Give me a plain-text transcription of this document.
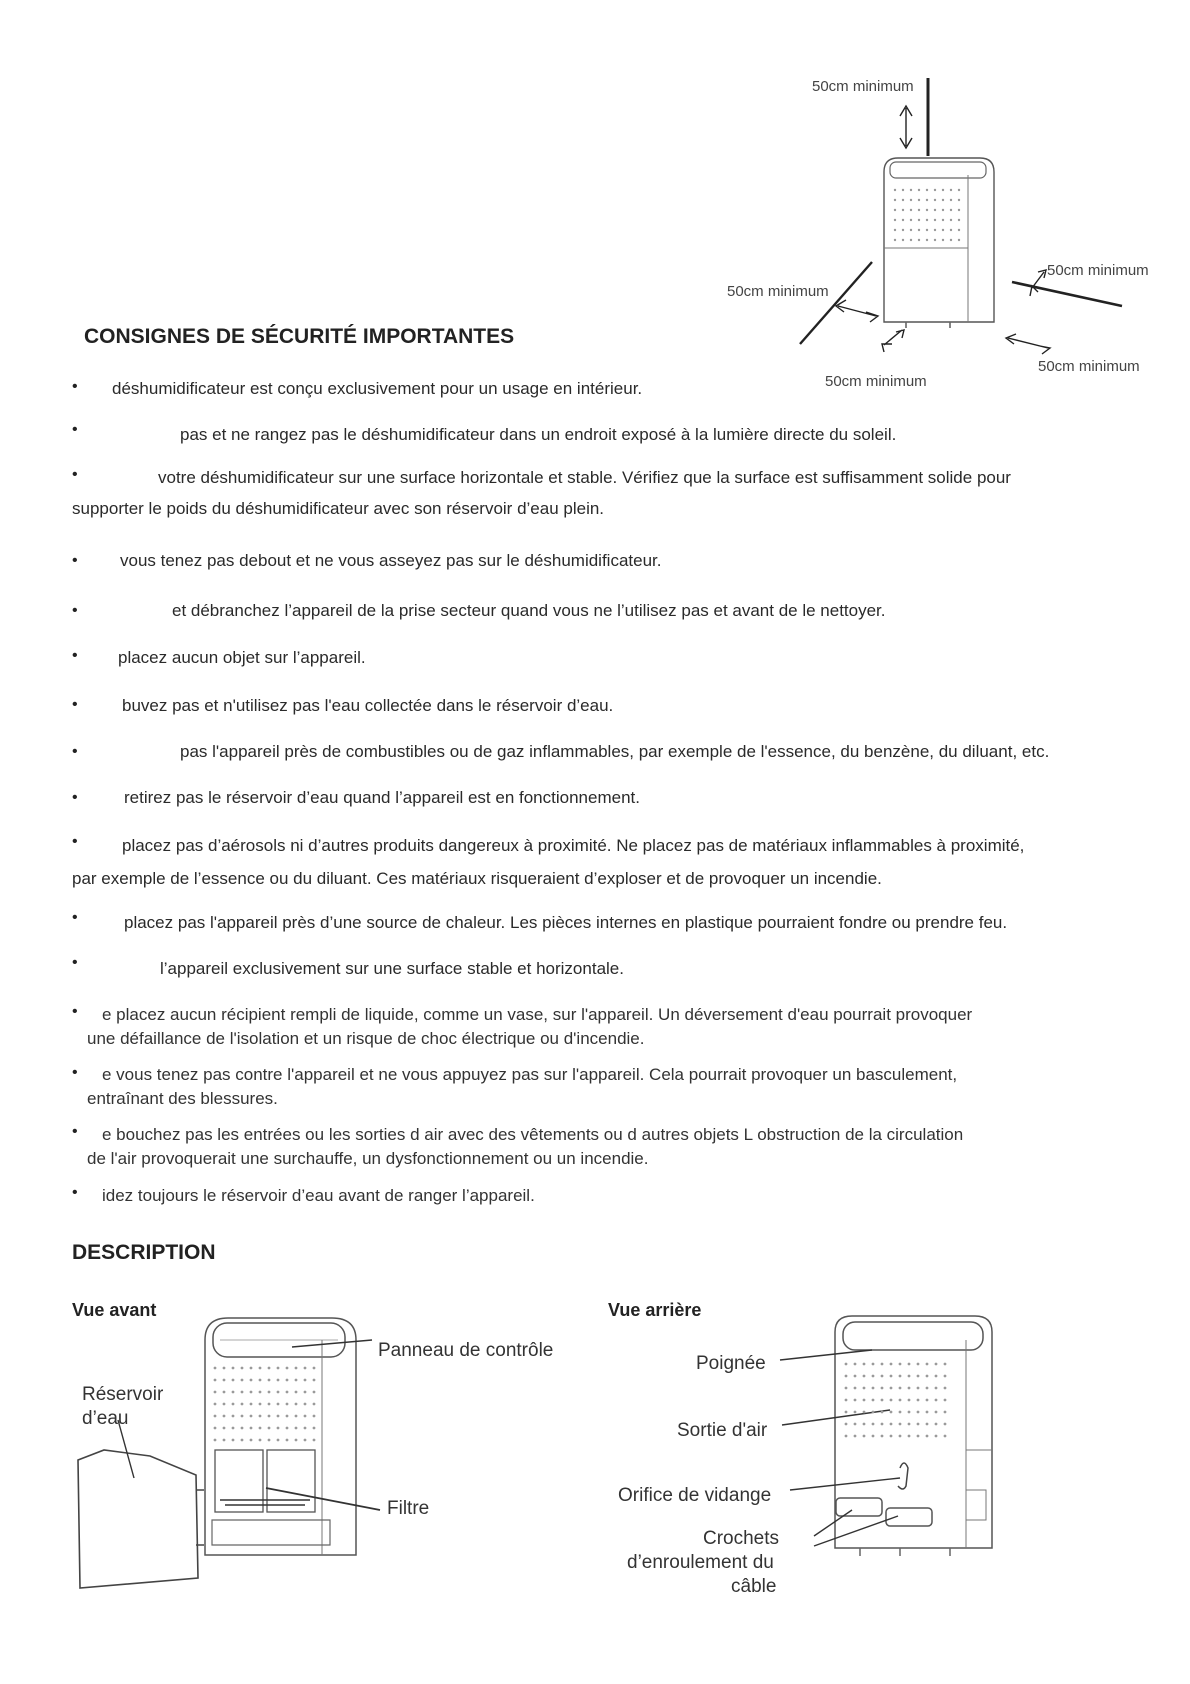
50cm minimum
50cm minimum
50cm minimum
50cm minimum
50cm minimum
CONSIGNES DE SÉCURITÉ IMPORTANTES
• déshumidificateur est conçu exclusivement pour un usage en intérieur.
•	pas et ne rangez pas le déshumidificateur dans un endroit exposé à la lumière directe du soleil.
•	votre déshumidificateur sur une surface horizontale et stable. Vérifiez que la surface est suffisamment solide pour
supporter le poids du déshumidificateur avec son réservoir d’eau plein.
• vous tenez pas debout et ne vous asseyez pas sur le déshumidificateur.
•	et débranchez l’appareil de la prise secteur quand vous ne l’utilisez pas et avant de le nettoyer.
• placez aucun objet sur l’appareil.
•	buvez pas et n'utilisez pas l'eau collectée dans le réservoir d’eau.
•	pas l'appareil près de combustibles ou de gaz inflammables, par exemple de l'essence, du benzène, du diluant, etc.
•	retirez pas le réservoir d’eau quand l’appareil est en fonctionnement.
•	placez pas d’aérosols ni d’autres produits dangereux à proximité. Ne placez pas de matériaux inflammables à proximité,
par exemple de l’essence ou du diluant. Ces matériaux risqueraient d’exploser et de provoquer un incendie.
•	placez pas l'appareil près d’une source de chaleur. Les pièces internes en plastique pourraient fondre ou prendre feu.
•	l’appareil exclusivement sur une surface stable et horizontale.
• e placez aucun récipient rempli de liquide, comme un vase, sur l'appareil. Un déversement d'eau pourrait provoquer
une défaillance de l'isolation et un risque de choc électrique ou d'incendie.
• e vous tenez pas contre l'appareil et ne vous appuyez pas sur l'appareil. Cela pourrait provoquer un basculement,
entraînant des blessures.
• e bouchez pas les entrées ou les sorties d air avec des vêtements ou d autres objets L obstruction de la circulation
de l'air provoquerait une surchauffe, un dysfonctionnement ou un incendie.
• idez toujours le réservoir d’eau avant de ranger l’appareil.
DESCRIPTION
Vue avant	Vue arrière
Panneau de contrôle
Réservoir
d’eau
Filtre
Poignée
Sortie d'air
Orifice de vidange
Crochets
d’enroulement du
câble
